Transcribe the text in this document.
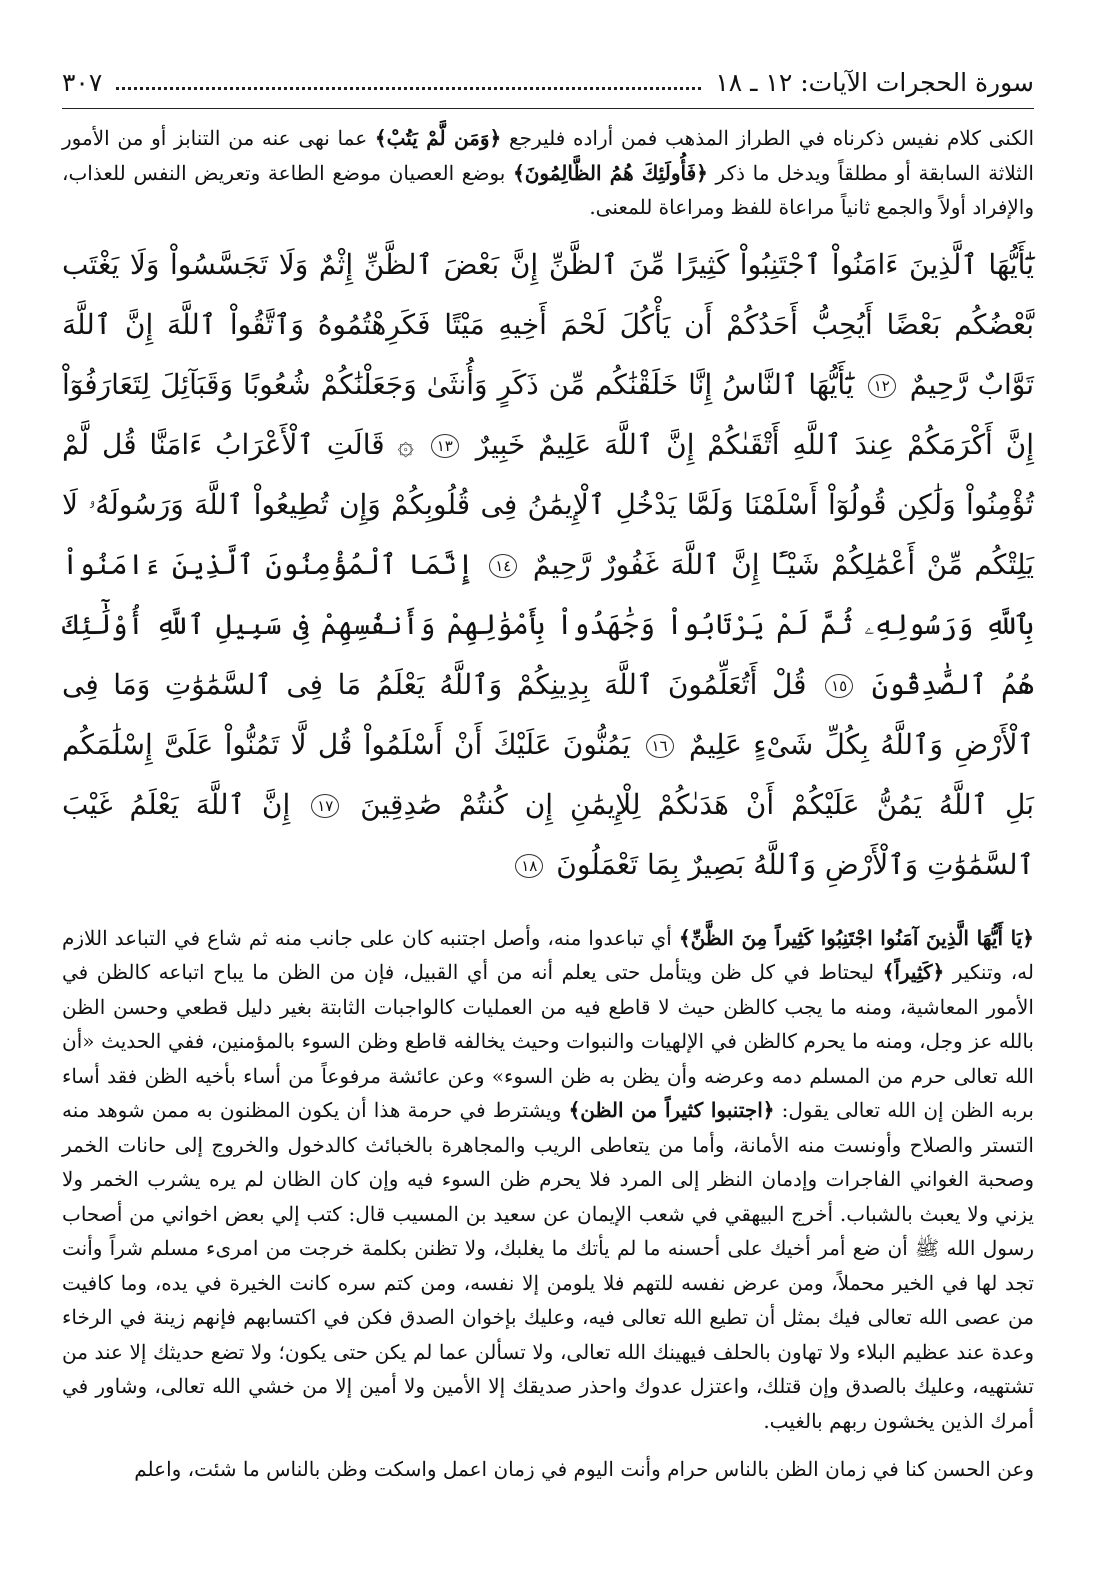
سورة الحجرات الآيات: ١٢ ـ ١٨
٣٠٧

الكنى كلام نفيس ذكرناه في الطراز المذهب فمن أراده فليرجع ﴿وَمَن لَّمْ يَتُبْ﴾ عما نهى عنه من التنابز أو من الأمور الثلاثة السابقة أو مطلقاً ويدخل ما ذكر ﴿فَأُولَئِكَ هُمُ الظَّالِمُونَ﴾ بوضع العصيان موضع الطاعة وتعريض النفس للعذاب، والإفراد أولاً والجمع ثانياً مراعاة للفظ ومراعاة للمعنى.

يَٰٓأَيُّهَا ٱلَّذِينَ ءَامَنُواْ ٱجْتَنِبُواْ كَثِيرًا مِّنَ ٱلظَّنِّ إِنَّ بَعْضَ ٱلظَّنِّ إِثْمٌ وَلَا تَجَسَّسُواْ وَلَا يَغْتَب بَّعْضُكُم بَعْضًا أَيُحِبُّ أَحَدُكُمْ أَن يَأْكُلَ لَحْمَ أَخِيهِ مَيْتًا فَكَرِهْتُمُوهُ وَٱتَّقُواْ ٱللَّهَ إِنَّ ٱللَّهَ تَوَّابٌ رَّحِيمٌ ١٢ يَٰٓأَيُّهَا ٱلنَّاسُ إِنَّا خَلَقْنَٰكُم مِّن ذَكَرٍ وَأُنثَىٰ وَجَعَلْنَٰكُمْ شُعُوبًا وَقَبَآئِلَ لِتَعَارَفُوٓاْ إِنَّ أَكْرَمَكُمْ عِندَ ٱللَّهِ أَتْقَىٰكُمْ إِنَّ ٱللَّهَ عَلِيمٌ خَبِيرٌ ١٣ ۞ قَالَتِ ٱلْأَعْرَابُ ءَامَنَّا قُل لَّمْ تُؤْمِنُواْ وَلَٰكِن قُولُوٓاْ أَسْلَمْنَا وَلَمَّا يَدْخُلِ ٱلْإِيمَٰنُ فِى قُلُوبِكُمْ وَإِن تُطِيعُواْ ٱللَّهَ وَرَسُولَهُۥ لَا يَلِتْكُم مِّنْ أَعْمَٰلِكُمْ شَيْـًٔا إِنَّ ٱللَّهَ غَفُورٌ رَّحِيمٌ ١٤ إِنَّمَا ٱلْمُؤْمِنُونَ ٱلَّذِينَ ءَامَنُواْ بِٱللَّهِ وَرَسُولِهِۦ ثُمَّ لَمْ يَرْتَابُواْ وَجَٰهَدُواْ بِأَمْوَٰلِهِمْ وَأَنفُسِهِمْ فِى سَبِيلِ ٱللَّهِ أُوْلَٰٓئِكَ هُمُ ٱلصَّٰدِقُونَ ١٥ قُلْ أَتُعَلِّمُونَ ٱللَّهَ بِدِينِكُمْ وَٱللَّهُ يَعْلَمُ مَا فِى ٱلسَّمَٰوَٰتِ وَمَا فِى ٱلْأَرْضِ وَٱللَّهُ بِكُلِّ شَىْءٍ عَلِيمٌ ١٦ يَمُنُّونَ عَلَيْكَ أَنْ أَسْلَمُواْ قُل لَّا تَمُنُّواْ عَلَىَّ إِسْلَٰمَكُم بَلِ ٱللَّهُ يَمُنُّ عَلَيْكُمْ أَنْ هَدَىٰكُمْ لِلْإِيمَٰنِ إِن كُنتُمْ صَٰدِقِينَ ١٧ إِنَّ ٱللَّهَ يَعْلَمُ غَيْبَ ٱلسَّمَٰوَٰتِ وَٱلْأَرْضِ وَٱللَّهُ بَصِيرٌ بِمَا تَعْمَلُونَ ١٨

﴿يَا أَيُّهَا الَّذِينَ آمَنُوا اجْتَنِبُوا كَثِيراً مِنَ الظَّنِّ﴾ أي تباعدوا منه، وأصل اجتنبه كان على جانب منه ثم شاع في التباعد اللازم له، وتنكير ﴿كَثِيراً﴾ ليحتاط في كل ظن ويتأمل حتى يعلم أنه من أي القبيل، فإن من الظن ما يباح اتباعه كالظن في الأمور المعاشية، ومنه ما يجب كالظن حيث لا قاطع فيه من العمليات كالواجبات الثابتة بغير دليل قطعي وحسن الظن بالله عز وجل، ومنه ما يحرم كالظن في الإلهيات والنبوات وحيث يخالفه قاطع وظن السوء بالمؤمنين، ففي الحديث «أن الله تعالى حرم من المسلم دمه وعرضه وأن يظن به ظن السوء» وعن عائشة مرفوعاً من أساء بأخيه الظن فقد أساء بربه الظن إن الله تعالى يقول: ﴿اجتنبوا كثيراً من الظن﴾ ويشترط في حرمة هذا أن يكون المظنون به ممن شوهد منه التستر والصلاح وأونست منه الأمانة، وأما من يتعاطى الريب والمجاهرة بالخبائث كالدخول والخروج إلى حانات الخمر وصحبة الغواني الفاجرات وإدمان النظر إلى المرد فلا يحرم ظن السوء فيه وإن كان الظان لم يره يشرب الخمر ولا يزني ولا يعبث بالشباب. أخرج البيهقي في شعب الإيمان عن سعيد بن المسيب قال: كتب إلي بعض اخواني من أصحاب رسول الله ﷺ أن ضع أمر أخيك على أحسنه ما لم يأتك ما يغلبك، ولا تظنن بكلمة خرجت من امرىء مسلم شراً وأنت تجد لها في الخير محملاً، ومن عرض نفسه للتهم فلا يلومن إلا نفسه، ومن كتم سره كانت الخيرة في يده، وما كافيت من عصى الله تعالى فيك بمثل أن تطيع الله تعالى فيه، وعليك بإخوان الصدق فكن في اكتسابهم فإنهم زينة في الرخاء وعدة عند عظيم البلاء ولا تهاون بالحلف فيهينك الله تعالى، ولا تسألن عما لم يكن حتى يكون؛ ولا تضع حديثك إلا عند من تشتهيه، وعليك بالصدق وإن قتلك، واعتزل عدوك واحذر صديقك إلا الأمين ولا أمين إلا من خشي الله تعالى، وشاور في أمرك الذين يخشون ربهم بالغيب.

وعن الحسن كنا في زمان الظن بالناس حرام وأنت اليوم في زمان اعمل واسكت وظن بالناس ما شئت، واعلم
